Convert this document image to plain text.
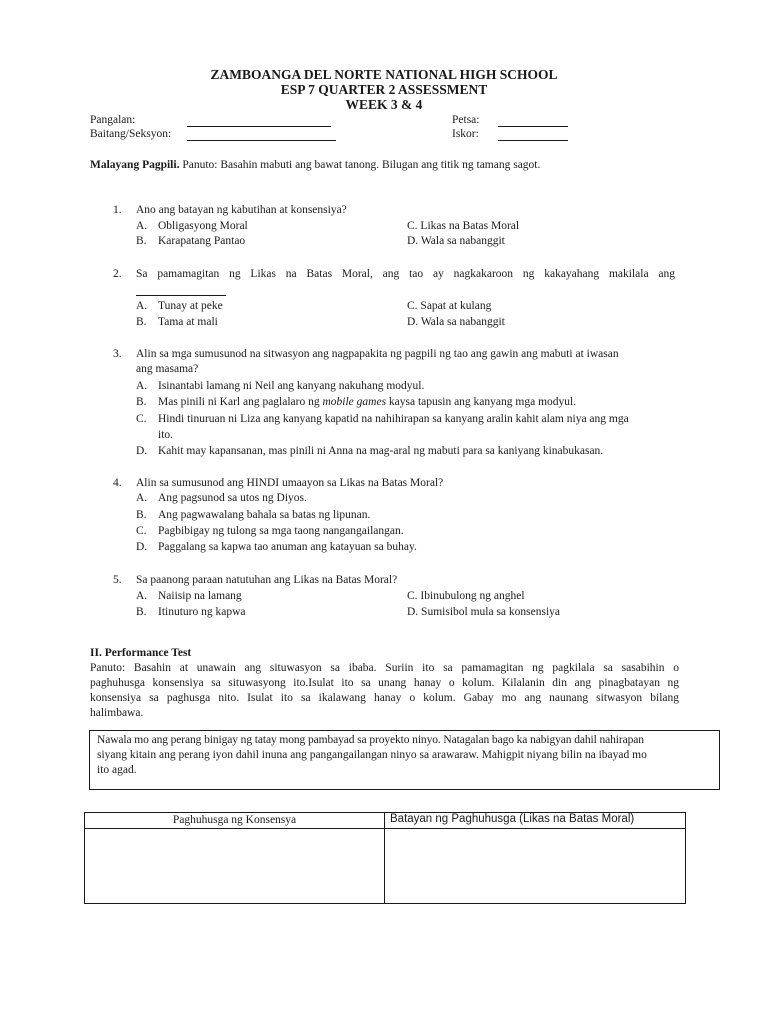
ZAMBOANGA DEL NORTE NATIONAL HIGH SCHOOL
ESP 7 QUARTER 2 ASSESSMENT
WEEK 3 & 4
Pangalan:
Baitang/Seksyon:
Petsa:
Iskor:
Malayang Pagpili. Panuto: Basahin mabuti ang bawat tanong. Bilugan ang titik ng tamang sagot.
1. Ano ang batayan ng kabutihan at konsensiya?
A. Obligasyong Moral
B. Karapatang Pantao
C. Likas na Batas Moral
D. Wala sa nabanggit
2. Sa pamamagitan ng Likas na Batas Moral, ang tao ay nagkakaroon ng kakayahang makilala ang
A. Tunay at peke
B. Tama at mali
C. Sapat at kulang
D. Wala sa nabanggit
3. Alin sa mga sumusunod na sitwasyon ang nagpapakita ng pagpili ng tao ang gawin ang mabuti at iwasan
ang masama?
A. Isinantabi lamang ni Neil ang kanyang nakuhang modyul.
B. Mas pinili ni Karl ang paglalaro ng mobile games kaysa tapusin ang kanyang mga modyul.
C. Hindi tinuruan ni Liza ang kanyang kapatid na nahihirapan sa kanyang aralin kahit alam niya ang mga
ito.
D. Kahit may kapansanan, mas pinili ni Anna na mag-aral ng mabuti para sa kaniyang kinabukasan.
4. Alin sa sumusunod ang HINDI umaayon sa Likas na Batas Moral?
A. Ang pagsunod sa utos ng Diyos.
B. Ang pagwawalang bahala sa batas ng lipunan.
C. Pagbibigay ng tulong sa mga taong nangangailangan.
D. Paggalang sa kapwa tao anuman ang katayuan sa buhay.
5. Sa paanong paraan natutuhan ang Likas na Batas Moral?
A. Naiisip na lamang
B. Itinuturo ng kapwa
C. Ibinubulong ng anghel
D. Sumisibol mula sa konsensiya
II. Performance Test
Panuto: Basahin at unawain ang situwasyon sa ibaba. Suriin ito sa pamamagitan ng pagkilala sa sasabihin o
paghuhusga konsensiya sa situwasyong ito.Isulat ito sa unang hanay o kolum. Kilalanin din ang pinagbatayan ng
konsensiya sa paghusga nito. Isulat ito sa ikalawang hanay o kolum. Gabay mo ang naunang sitwasyon bilang
halimbawa.
Nawala mo ang perang binigay ng tatay mong pambayad sa proyekto ninyo. Natagalan bago ka nabigyan dahil nahirapan
siyang kitain ang perang iyon dahil inuna ang pangangailangan ninyo sa arawaraw. Mahigpit niyang bilin na ibayad mo
ito agad.
Paghuhusga ng Konsensya	Batayan ng Paghuhusga (Likas na Batas Moral)
